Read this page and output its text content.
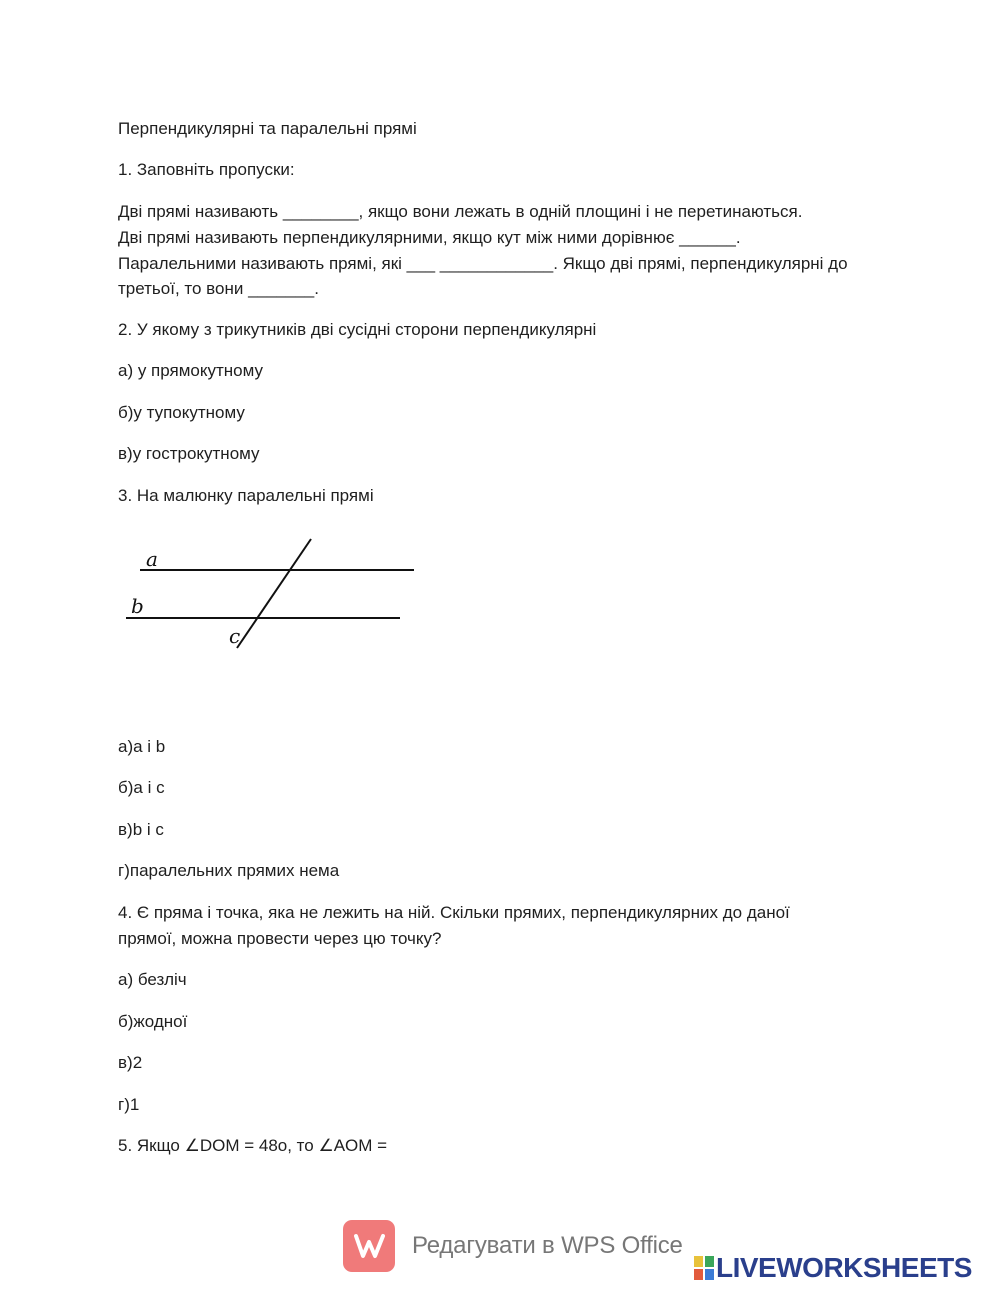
Перпендикулярні та паралельні прямі
1. Заповніть пропуски:
Дві прямі називають ________, якщо вони лежать в одній площині і не перетинаються.
Дві прямі називають перпендикулярними, якщо кут між ними дорівнює ______.
Паралельними називають прямі, які ___ ____________. Якщо дві прямі, перпендикулярні до
третьої, то вони _______.
2. У якому з трикутників дві сусідні сторони перпендикулярні
а) у прямокутному
б)у тупокутному
в)у гострокутному
3. На малюнку паралельні прямі
a
b
c
а)a і b
б)a і c
в)b і c
г)паралельних прямих нема
4. Є пряма і точка, яка не лежить на ній. Скільки прямих, перпендикулярних до даної
прямої, можна провести через цю точку?
а) безліч
б)жодної
в)2
г)1
5. Якщо ∠DOM = 48o, то ∠AOM =
Редагувати в WPS Office
LIVEWORKSHEETS
